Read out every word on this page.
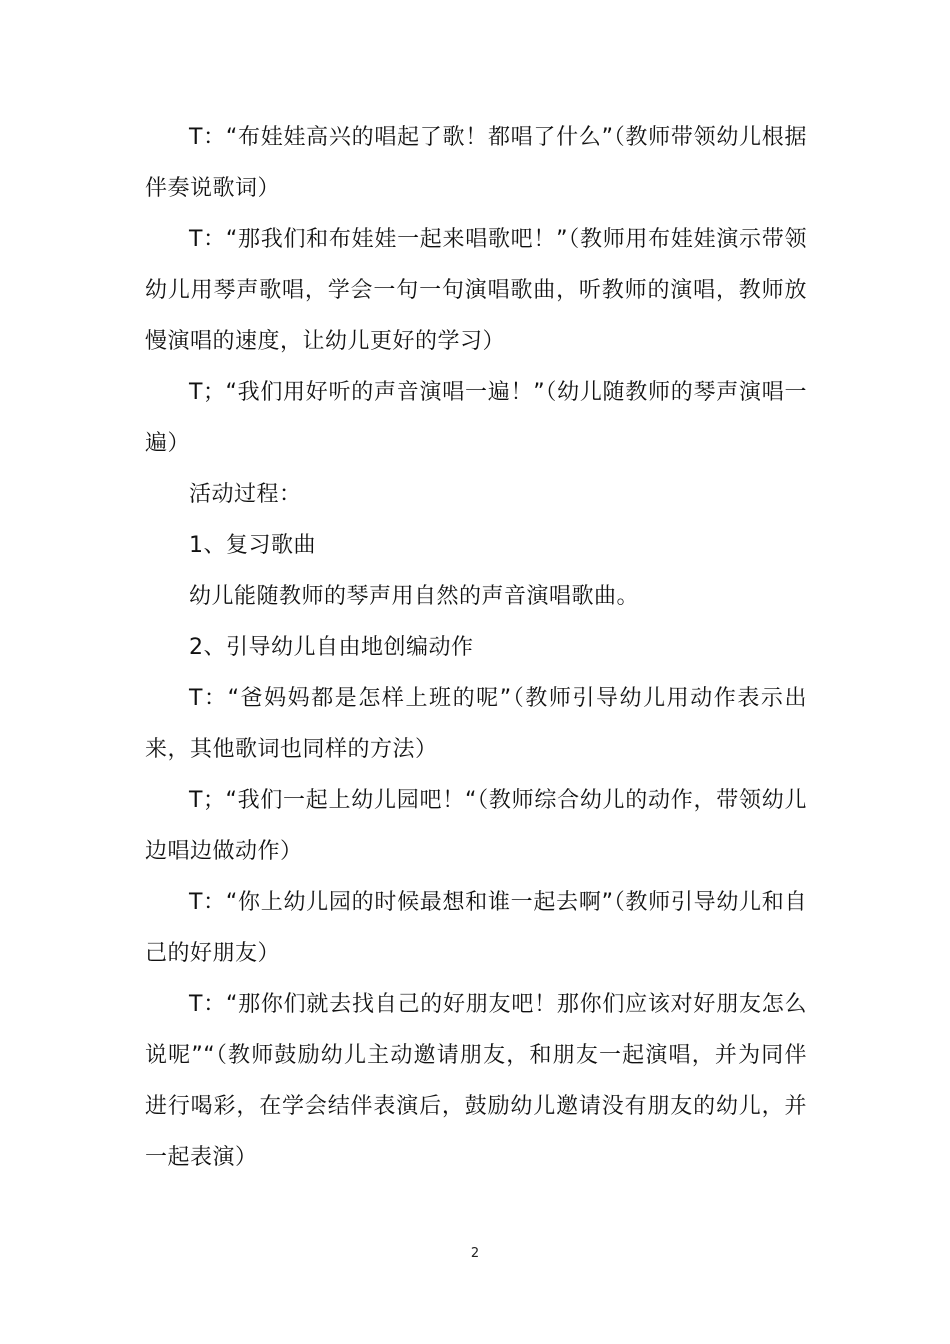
T：“布娃娃高兴的唱起了歌！都唱了什么”（教师带领幼儿根据伴奏说歌词）

T：“那我们和布娃娃一起来唱歌吧！”（教师用布娃娃演示带领幼儿用琴声歌唱，学会一句一句演唱歌曲，听教师的演唱，教师放慢演唱的速度，让幼儿更好的学习）

T；“我们用好听的声音演唱一遍！”（幼儿随教师的琴声演唱一遍）

活动过程：

1、复习歌曲

幼儿能随教师的琴声用自然的声音演唱歌曲。

2、引导幼儿自由地创编动作

T：“爸妈妈都是怎样上班的呢”（教师引导幼儿用动作表示出来，其他歌词也同样的方法）

T；“我们一起上幼儿园吧！“（教师综合幼儿的动作，带领幼儿边唱边做动作）

T：“你上幼儿园的时候最想和谁一起去啊”（教师引导幼儿和自己的好朋友）

T：“那你们就去找自己的好朋友吧！那你们应该对好朋友怎么说呢”“（教师鼓励幼儿主动邀请朋友，和朋友一起演唱，并为同伴进行喝彩，在学会结伴表演后，鼓励幼儿邀请没有朋友的幼儿，并一起表演）

2
